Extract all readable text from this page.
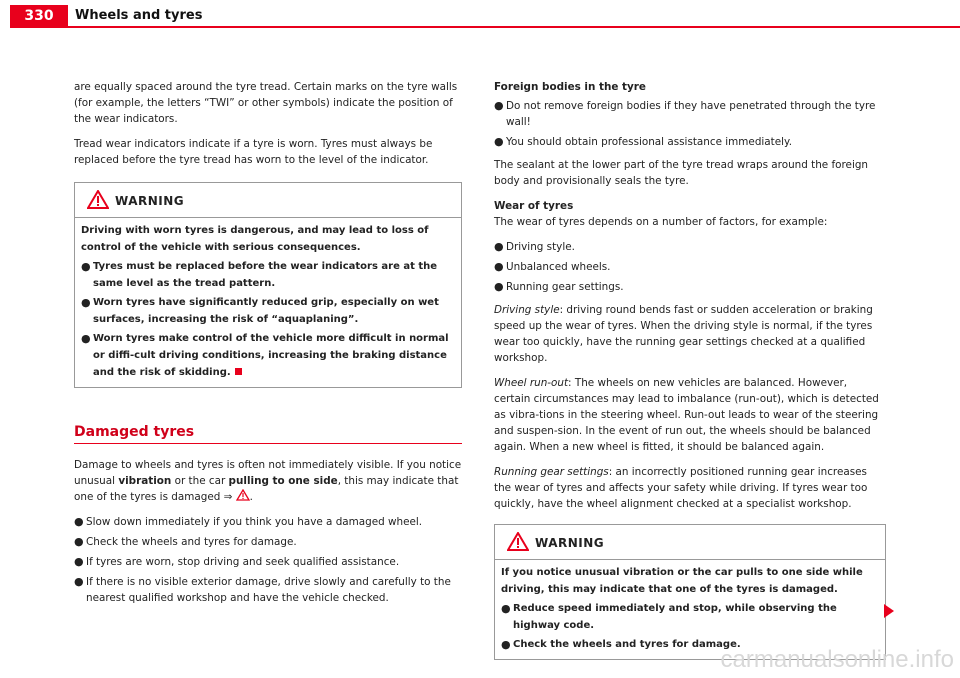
330	Wheels and tyres

are equally spaced around the tyre tread. Certain marks on the tyre walls (for example, the letters “TWI” or other symbols) indicate the position of the wear indicators.

Tread wear indicators indicate if a tyre is worn. Tyres must always be replaced before the tyre tread has worn to the level of the indicator.

WARNING
Driving with worn tyres is dangerous, and may lead to loss of control of the vehicle with serious consequences.
● Tyres must be replaced before the wear indicators are at the same level as the tread pattern.
● Worn tyres have significantly reduced grip, especially on wet surfaces, increasing the risk of “aquaplaning”.
● Worn tyres make control of the vehicle more difficult in normal or diffi-cult driving conditions, increasing the braking distance and the risk of skidding.
Damaged tyres

Damage to wheels and tyres is often not immediately visible. If you notice unusual vibration or the car pulling to one side, this may indicate that one of the tyres is damaged ⇒ .

● Slow down immediately if you think you have a damaged wheel.
● Check the wheels and tyres for damage.
● If tyres are worn, stop driving and seek qualified assistance.
● If there is no visible exterior damage, drive slowly and carefully to the nearest qualified workshop and have the vehicle checked.

Foreign bodies in the tyre

● Do not remove foreign bodies if they have penetrated through the tyre wall!
● You should obtain professional assistance immediately.

The sealant at the lower part of the tyre tread wraps around the foreign body and provisionally seals the tyre.

Wear of tyres

The wear of tyres depends on a number of factors, for example:

● Driving style.
● Unbalanced wheels.
● Running gear settings.

Driving style: driving round bends fast or sudden acceleration or braking speed up the wear of tyres. When the driving style is normal, if the tyres wear too quickly, have the running gear settings checked at a qualified workshop.

Wheel run-out: The wheels on new vehicles are balanced. However, certain circumstances may lead to imbalance (run-out), which is detected as vibra-tions in the steering wheel. Run-out leads to wear of the steering and suspen-sion. In the event of run out, the wheels should be balanced again. When a new wheel is fitted, it should be balanced again.

Running gear settings: an incorrectly positioned running gear increases the wear of tyres and affects your safety while driving. If tyres wear too quickly, have the wheel alignment checked at a specialist workshop.

WARNING
If you notice unusual vibration or the car pulls to one side while driving, this may indicate that one of the tyres is damaged.
● Reduce speed immediately and stop, while observing the highway code.
● Check the wheels and tyres for damage.
carmanualsonline.info
